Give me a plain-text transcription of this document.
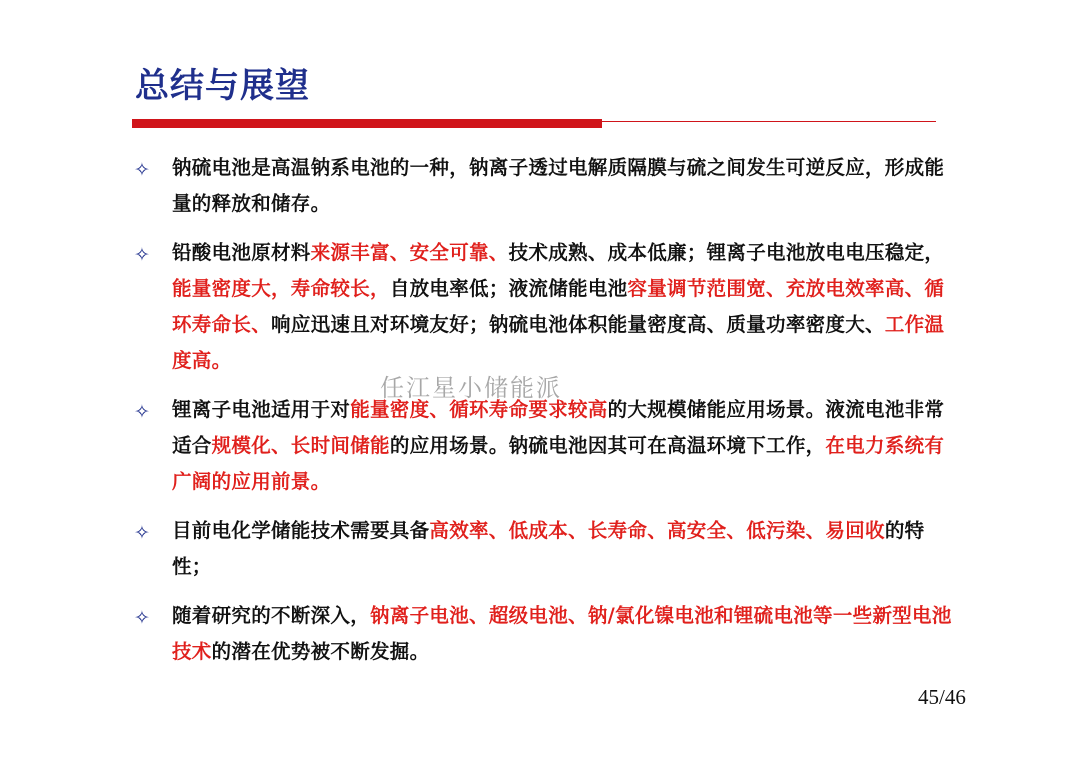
总结与展望
✧ 钠硫电池是高温钠系电池的一种，钠离子透过电解质隔膜与硫之间发生可逆反应，形成能量的释放和储存。
✧ 铅酸电池原材料来源丰富、安全可靠、技术成熟、成本低廉；锂离子电池放电电压稳定，能量密度大，寿命较长，自放电率低；液流储能电池容量调节范围宽、充放电效率高、循环寿命长、响应迅速且对环境友好；钠硫电池体积能量密度高、质量功率密度大、工作温度高。
✧ 锂离子电池适用于对能量密度、循环寿命要求较高的大规模储能应用场景。液流电池非常适合规模化、长时间储能的应用场景。钠硫电池因其可在高温环境下工作，在电力系统有广阔的应用前景。
✧ 目前电化学储能技术需要具备高效率、低成本、长寿命、高安全、低污染、易回收的特性；
✧ 随着研究的不断深入，钠离子电池、超级电池、钠/氯化镍电池和锂硫电池等一些新型电池技术的潜在优势被不断发掘。
任江星小储能派
45/46
